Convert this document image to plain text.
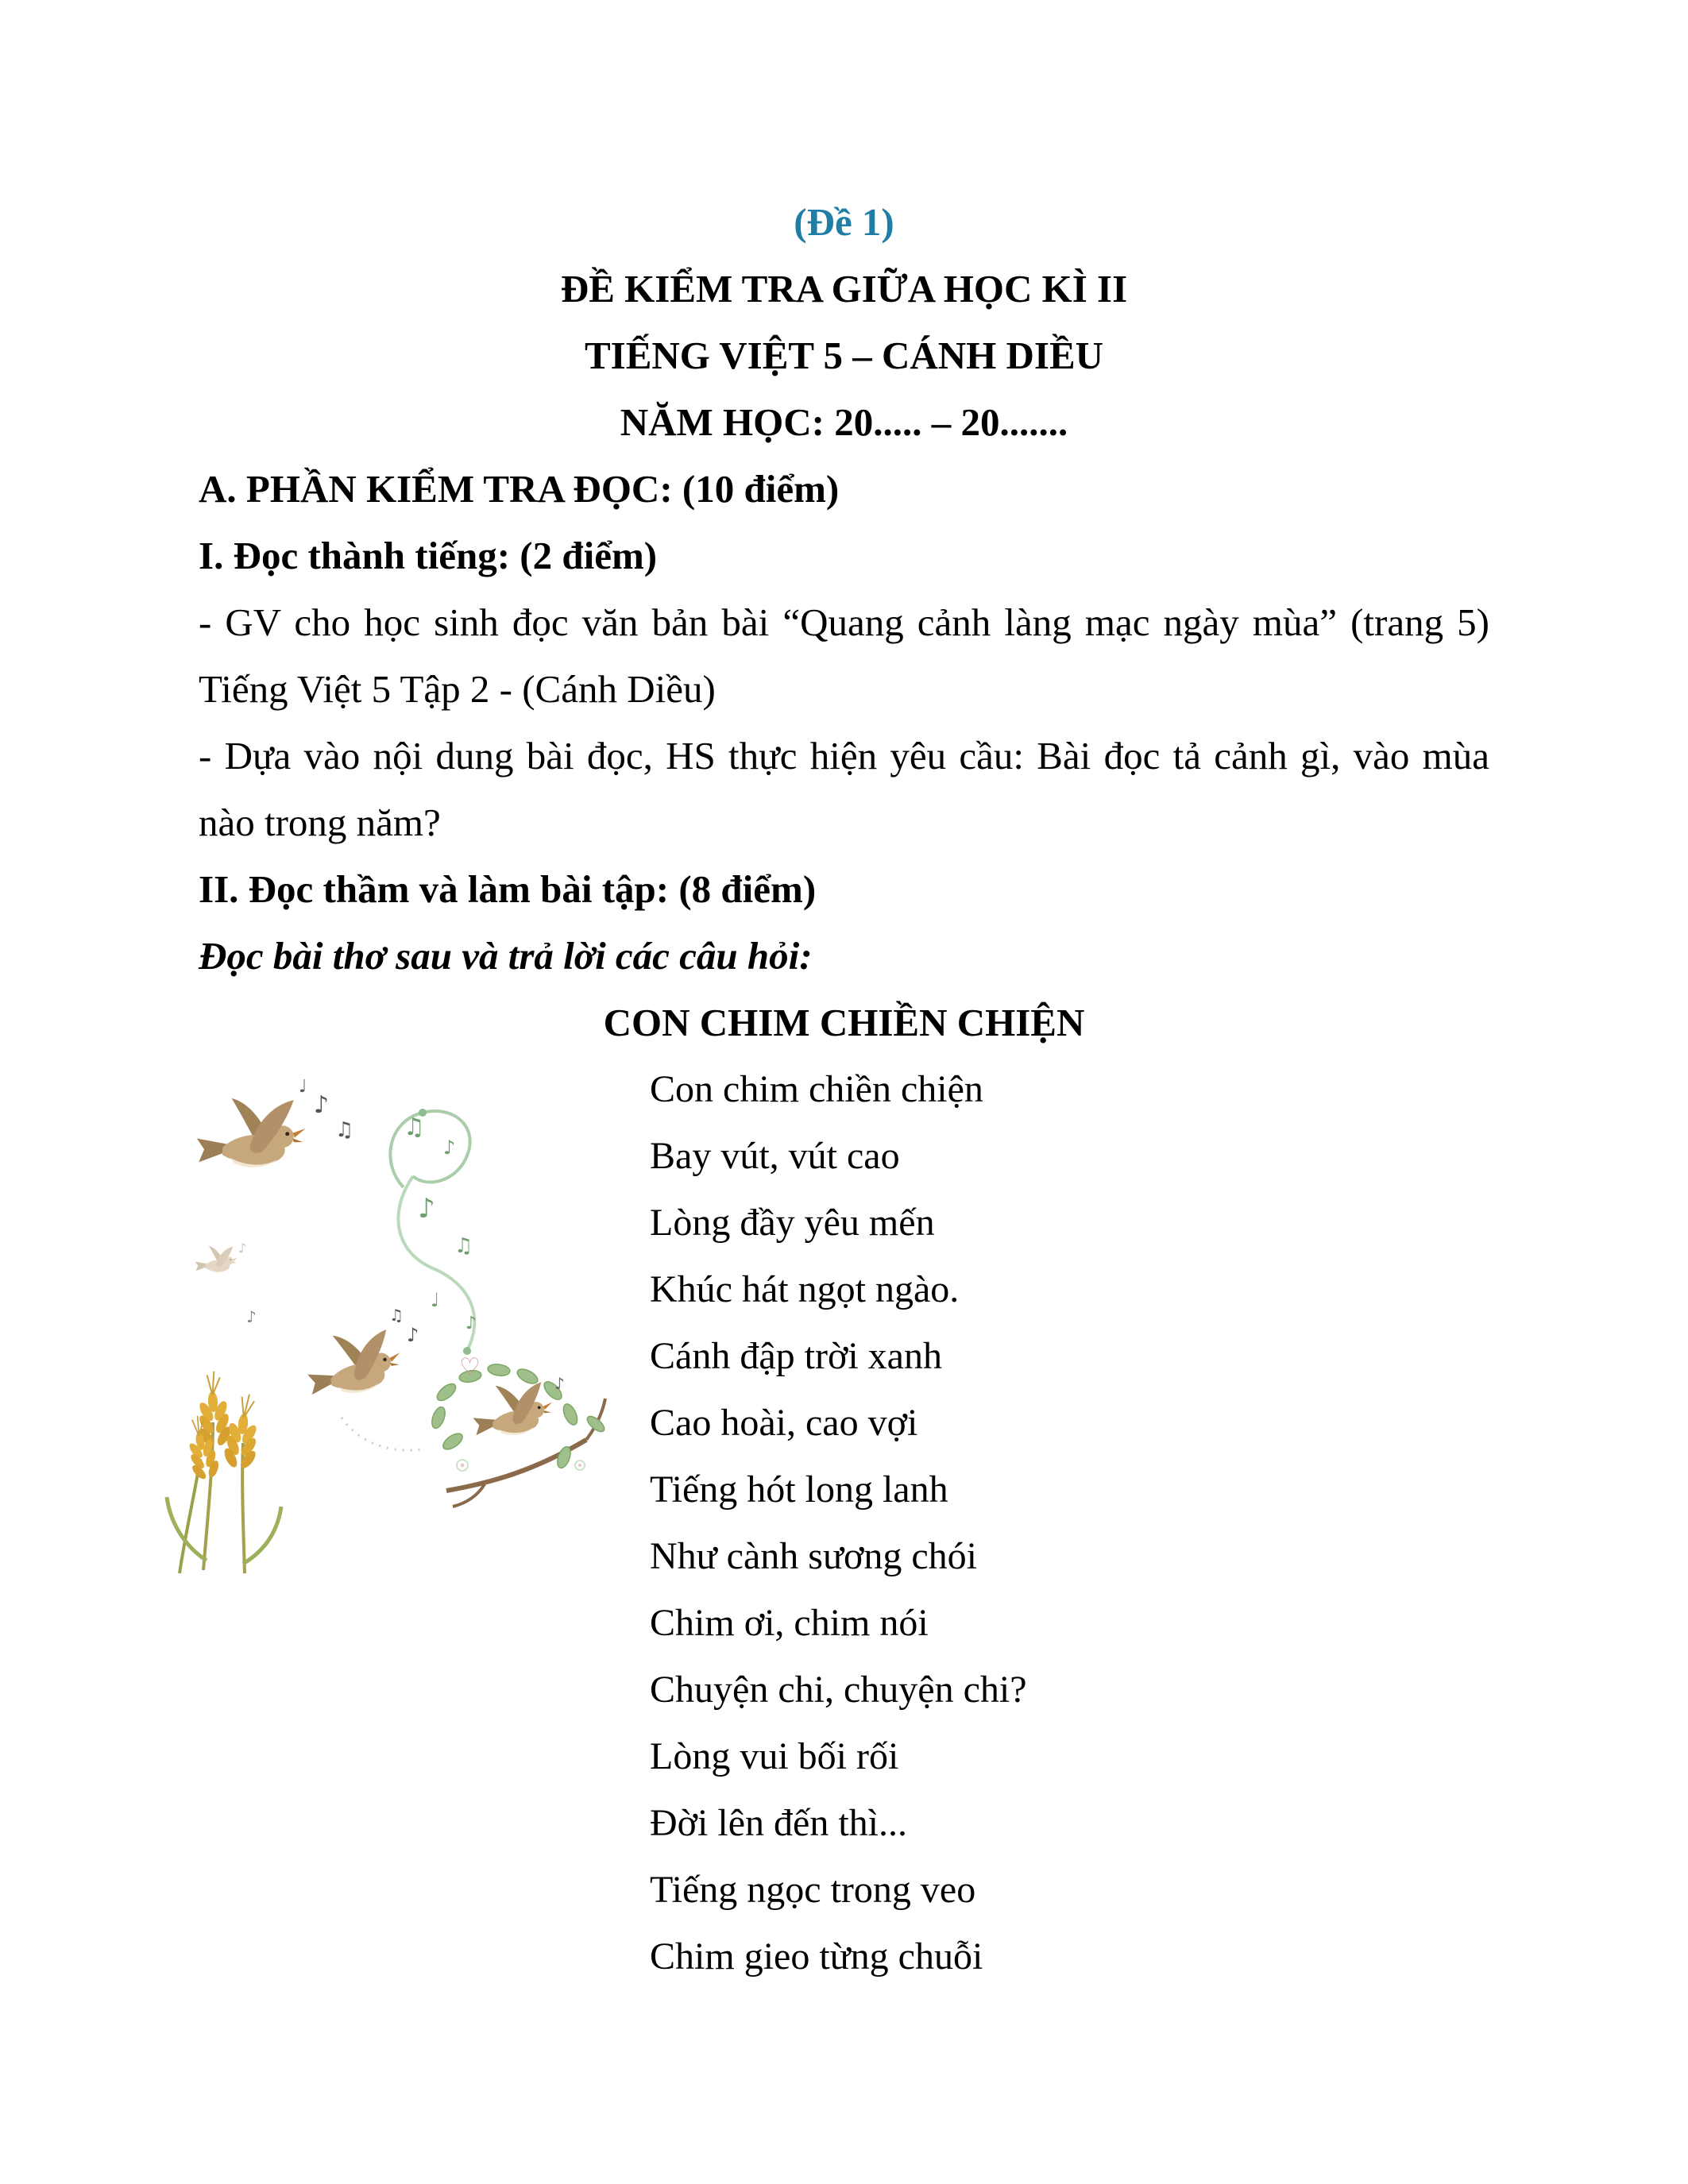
(Đề 1)
ĐỀ KIỂM TRA GIỮA HỌC KÌ II
TIẾNG VIỆT 5 – CÁNH DIỀU
NĂM HỌC: 20..... – 20.......
A. PHẦN KIỂM TRA ĐỌC: (10 điểm)
I. Đọc thành tiếng: (2 điểm)

- GV cho học sinh đọc văn bản bài “Quang cảnh làng mạc ngày mùa” (trang 5) Tiếng Việt 5 Tập 2 - (Cánh Diều)

- Dựa vào nội dung bài đọc, HS thực hiện yêu cầu: Bài đọc tả cảnh gì, vào mùa nào trong năm?

II. Đọc thầm và làm bài tập: (8 điểm)
Đọc bài thơ sau và trả lời các câu hỏi:
CON CHIM CHIỀN CHIỆN
Con chim chiền chiện
Bay vút, vút cao
Lòng đầy yêu mến
Khúc hát ngọt ngào.
Cánh đập trời xanh
Cao hoài, cao vợi
Tiếng hót long lanh
Như cành sương chói
Chim ơi, chim nói
Chuyện chi, chuyện chi?
Lòng vui bối rối
Đời lên đến thì...
Tiếng ngọc trong veo
Chim gieo từng chuỗi
♪
♫
♩
♪
♪
♫
♪
♪
♫
♩
♪
♪
♫
♡
♪
